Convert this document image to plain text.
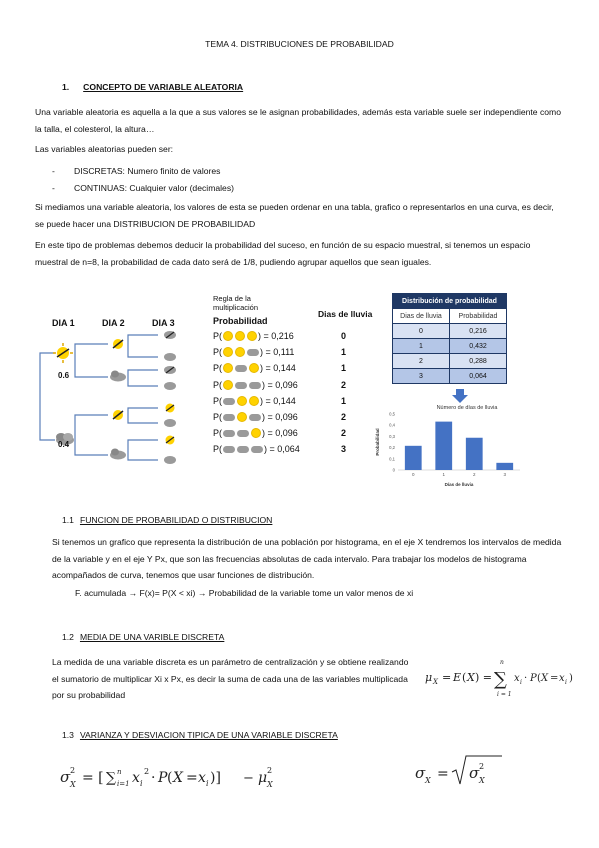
TEMA 4. DISTRIBUCIONES DE PROBABILIDAD
1. CONCEPTO DE VARIABLE ALEATORIA
Una variable aleatoria es aquella a la que a sus valores se le asignan probabilidades, además esta variable suele ser independiente como la talla, el colesterol, la altura…
Las variables aleatorias pueden ser:
- DISCRETAS: Numero finito de valores
- CONTINUAS: Cualquier valor (decimales)
Si mediamos una variable aleatoria, los valores de esta se pueden ordenar en una tabla, grafico o representarlos en una curva, es decir, se puede hacer una DISTRIBUCION DE PROBABILIDAD
En este tipo de problemas debemos deducir la probabilidad del suceso, en función de su espacio muestral, si tenemos un espacio muestral de n=8, la probabilidad de cada dato será de 1/8, pudiendo agrupar aquellos que sean iguales.
DIA 1	DIA 2	DIA 3
0.6
0.4
Regla de la multiplicación
Probabilidad
Dias de lluvia
P(	) = 0,216	0
P(	) = 0,111	1
P(	) = 0,144	1
P(	) = 0,096	2
P(	) = 0,144	1
P(	) = 0,096	2
P(	) = 0,096	2
P(	) = 0,064	3
Distribución de probabilidad	
Dias de lluvia	Probabilidad
0	0,216
1	0,432
2	0,288
3	0,064
Número de días de lluvia
Probabilidad
Días de lluvia
0
0,1
0,2
0,3
0,4
0,5
0	1	2	3
1.1 FUNCION DE PROBABILIDAD O DISTRIBUCION
Si tenemos un grafico que representa la distribución de una población por histograma, en el eje X tendremos los intervalos de medida de la variable y en el eje Y Px, que son las frecuencias absolutas de cada intervalo. Para trabajar los modelos de histograma acompañados de curva, tenemos que usar funciones de distribución.
F. acumulada → F(x)= P(X < xi) → Probabilidad de la variable tome un valor menos de xi
1.2 MEDIA DE UNA VARIBLE DISCRETA
La medida de una variable discreta es un parámetro de centralización y se obtiene realizando el sumatorio de multiplicar Xi x Px, es decir la suma de cada una de las variables multiplicada por su probabilidad
μ X = E ( X ) = ∑
n
i = 1
x i · P ( X = x i )
1.3 VARIANZA Y DESVIACION TIPICA DE UNA VARIABLE DISCRETA
σ X
2 = [ ∑ n
i=1 x i
2 · P ( X = x i )] − μ X
2	σ X = σ X
2
